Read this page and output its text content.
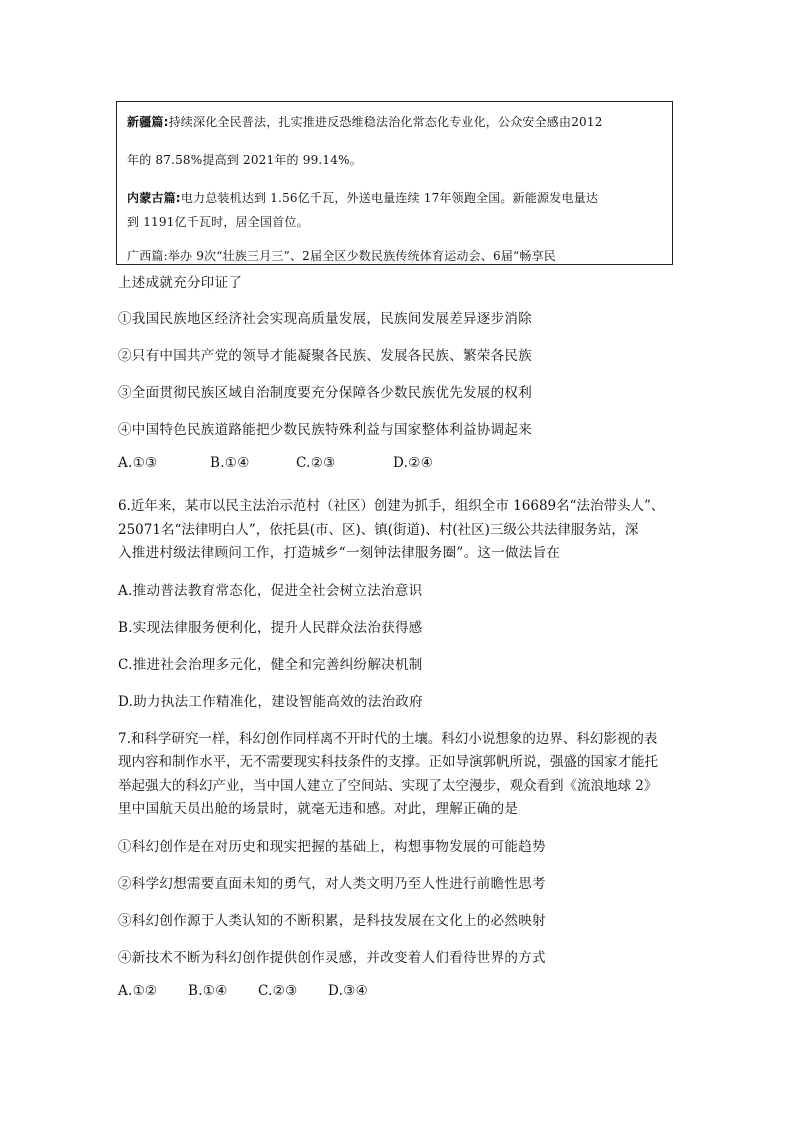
新疆篇:持续深化全民普法，扎实推进反恐维稳法治化常态化专业化，公众安全感由2012
年的 87.58%提高到 2021年的 99.14%。
内蒙古篇:电力总装机达到 1.56亿千瓦，外送电量连续 17年领跑全国。新能源发电量达
到 1191亿千瓦时，居全国首位。
广西篇:举办 9次“壮族三月三”、2届全区少数民族传统体育运动会、6届“畅享民
上述成就充分印证了
①我国民族地区经济社会实现高质量发展，民族间发展差异逐步消除
②只有中国共产党的领导才能凝聚各民族、发展各民族、繁荣各民族
③全面贯彻民族区域自治制度要充分保障各少数民族优先发展的权利
④中国特色民族道路能把少数民族特殊利益与国家整体利益协调起来
A.①③	B.①④	C.②③	D.②④
6.近年来，某市以民主法治示范村（社区）创建为抓手，组织全市 16689名“法治带头人”、
25071名“法律明白人”，依托县(市、区)、镇(街道)、村(社区)三级公共法律服务站，深
入推进村级法律顾问工作，打造城乡“一刻钟法律服务圈”。这一做法旨在
A.推动普法教育常态化，促进全社会树立法治意识
B.实现法律服务便利化，提升人民群众法治获得感
C.推进社会治理多元化，健全和完善纠纷解决机制
D.助力执法工作精准化，建设智能高效的法治政府
7.和科学研究一样，科幻创作同样离不开时代的土壤。科幻小说想象的边界、科幻影视的表
现内容和制作水平，无不需要现实科技条件的支撑。正如导演郭帆所说，强盛的国家才能托
举起强大的科幻产业，当中国人建立了空间站、实现了太空漫步，观众看到《流浪地球 2》
里中国航天员出舱的场景时，就毫无违和感。对此，理解正确的是
①科幻创作是在对历史和现实把握的基础上，构想事物发展的可能趋势
②科学幻想需要直面未知的勇气，对人类文明乃至人性进行前瞻性思考
③科幻创作源于人类认知的不断积累，是科技发展在文化上的必然映射
④新技术不断为科幻创作提供创作灵感，并改变着人们看待世界的方式
A.①② B.①④ C.②③ D.③④
